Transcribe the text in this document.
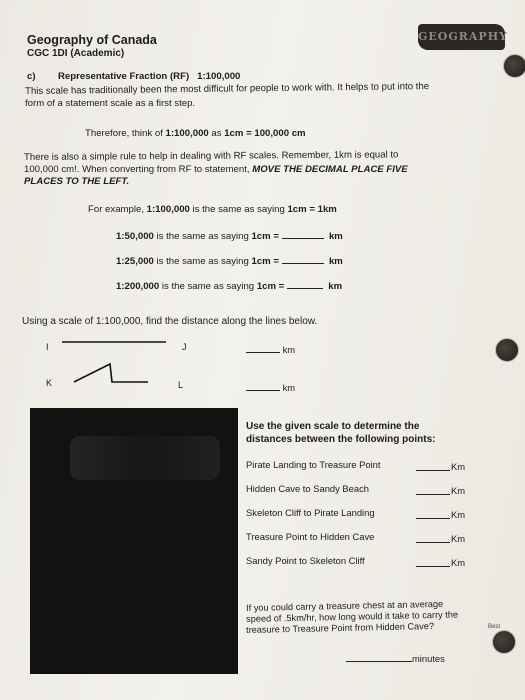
Geography of Canada
CGC 1DI (Academic)
GEOGRAPHY
c) Representative Fraction (RF) 1:100,000
This scale has traditionally been the most difficult for people to work with. It helps to put into the
form of a statement scale as a first step.
Therefore, think of 1:100,000 as 1cm = 100,000 cm
There is also a simple rule to help in dealing with RF scales. Remember, 1km is equal to
100,000 cm!. When converting from RF to statement, MOVE THE DECIMAL PLACE FIVE
PLACES TO THE LEFT.
For example, 1:100,000 is the same as saying 1cm = 1km
1:50,000 is the same as saying 1cm =	km
1:25,000 is the same as saying 1cm =	km
1:200,000 is the same as saying 1cm =	km
Using a scale of 1:100,000, find the distance along the lines below.
I	J	km
K	L	km
Use the given scale to determine the
distances between the following points:
Pirate Landing to Treasure Point	Km
Hidden Cave to Sandy Beach	Km
Skeleton Cliff to Pirate Landing	Km
Treasure Point to Hidden Cave	Km
Sandy Point to Skeleton Cliff	Km
If you could carry a treasure chest at an average
speed of .5km/hr, how long would it take to carry the
treasure to Treasure Point from Hidden Cave?
minutes
Best
